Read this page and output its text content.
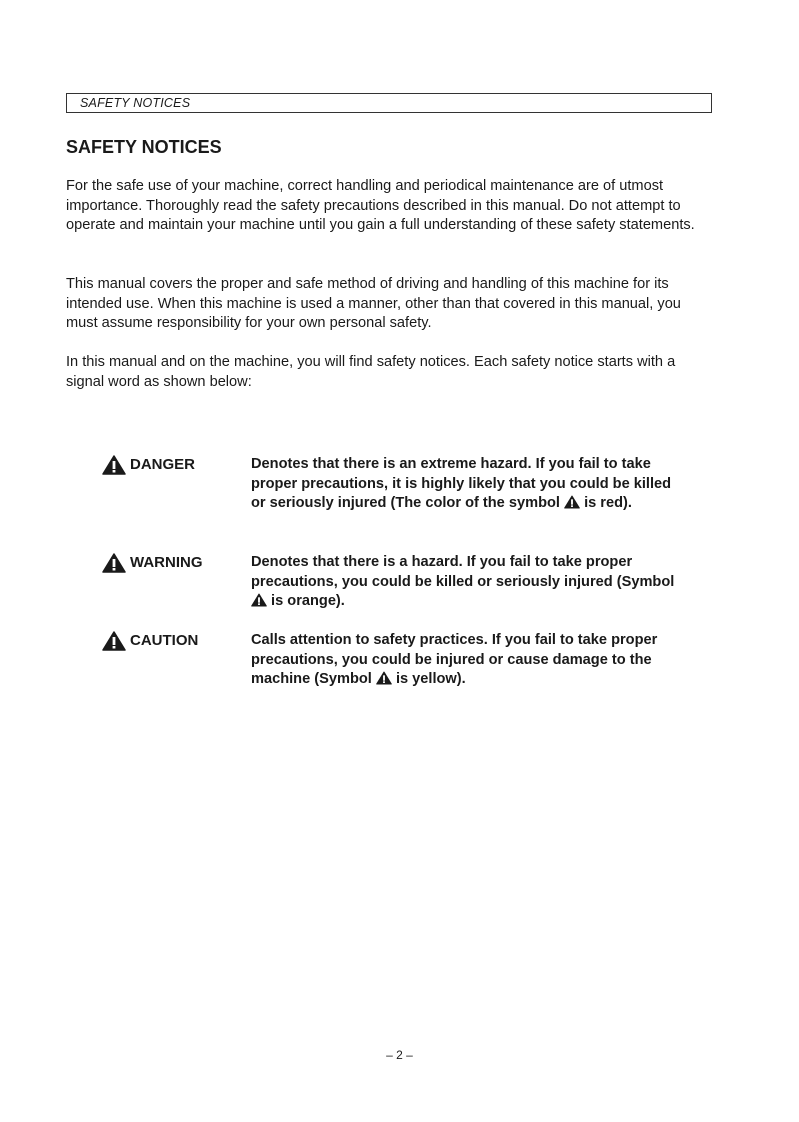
SAFETY NOTICES
SAFETY NOTICES

For the safe use of your machine, correct handling and periodical maintenance are of utmost importance. Thoroughly read the safety precautions described in this manual. Do not attempt to operate and maintain your machine until you gain a full understanding of these safety statements.

This manual covers the proper and safe method of driving and handling of this machine for its intended use. When this machine is used a manner, other than that covered in this manual, you must assume responsibility for your own personal safety.

In this manual and on the machine, you will find safety notices. Each safety notice starts with a signal word as shown below:

DANGER	Denotes that there is an extreme hazard. If you fail to take proper precautions, it is highly likely that you could be killed or seriously injured (The color of the symbol  is red).

WARNING	Denotes that there is a hazard. If you fail to take proper precautions, you could be killed or seriously injured (Symbol  is orange).

CAUTION	Calls attention to safety practices. If you fail to take proper precautions, you could be injured or cause damage to the machine (Symbol  is yellow).

– 2 –
